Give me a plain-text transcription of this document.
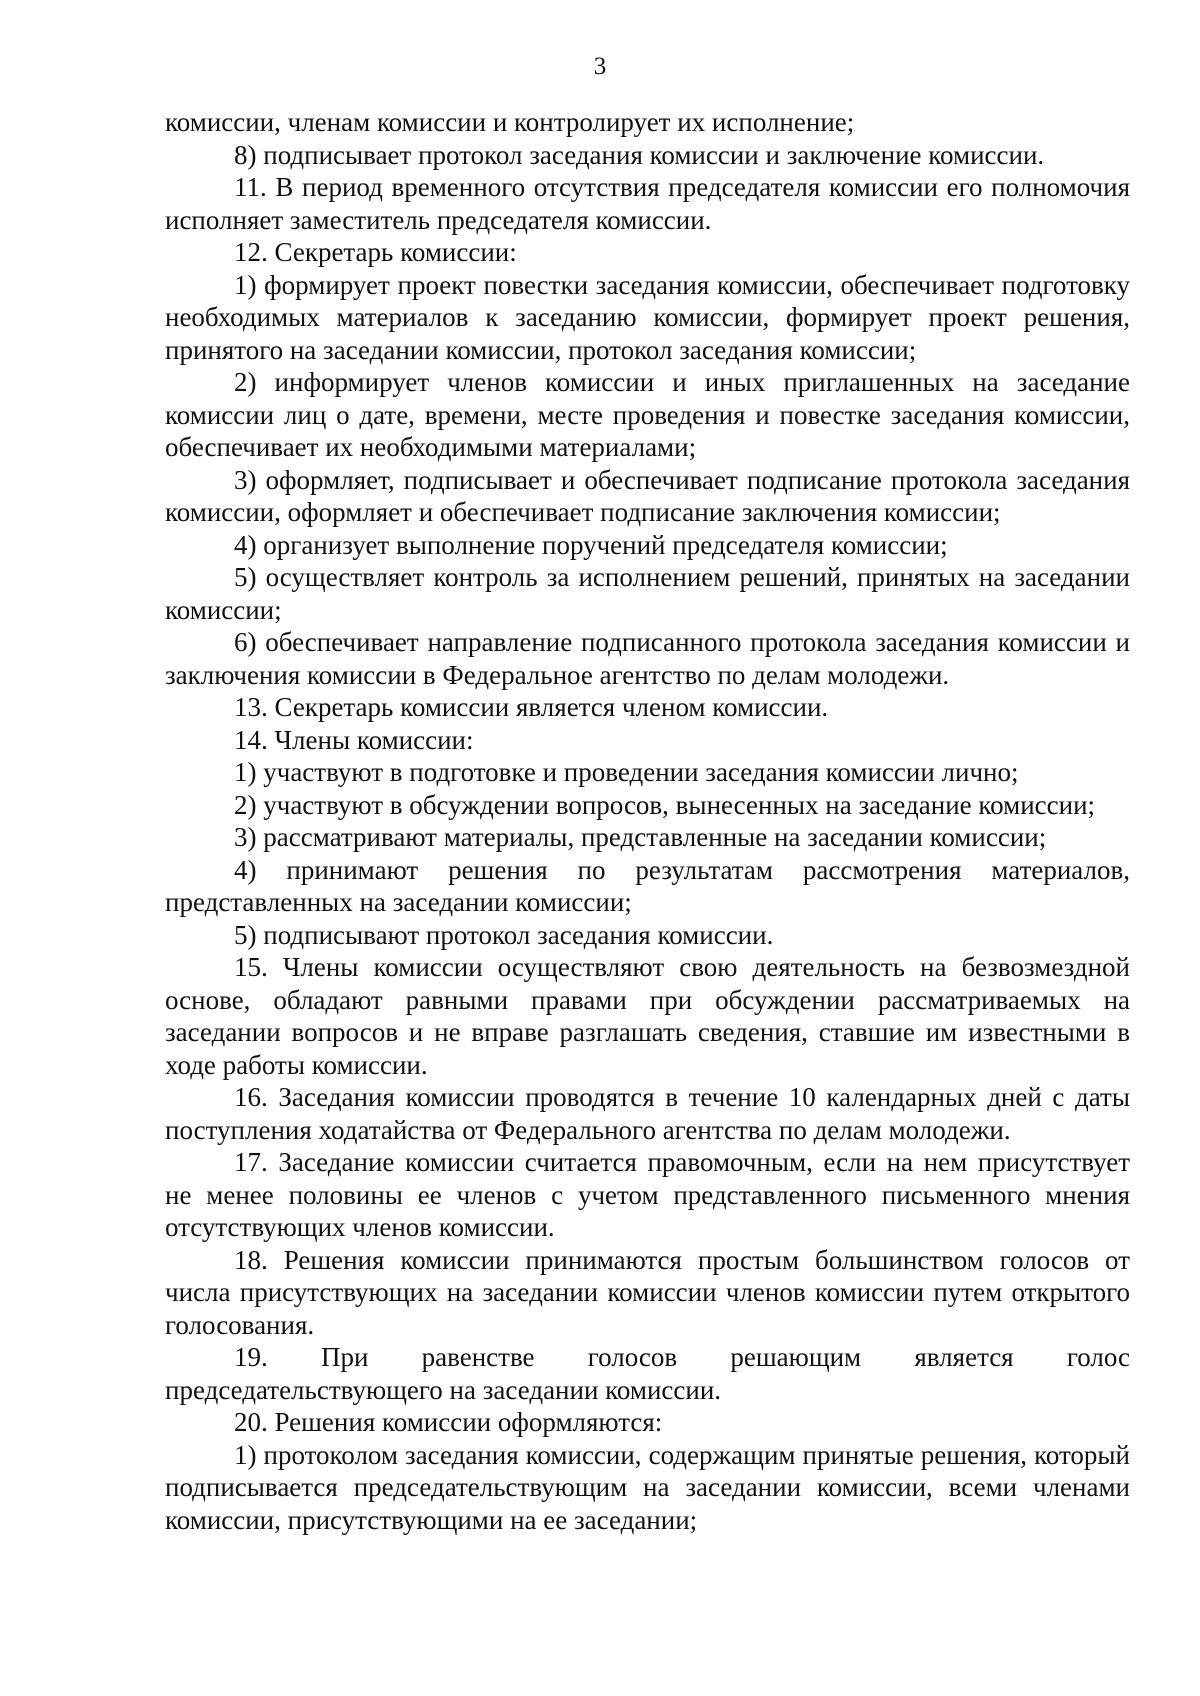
3

комиссии, членам комиссии и контролирует их исполнение;

8) подписывает протокол заседания комиссии и заключение комиссии.

11. В период временного отсутствия председателя комиссии его полномочия исполняет заместитель председателя комиссии.

12. Секретарь комиссии:

1) формирует проект повестки заседания комиссии, обеспечивает подготовку необходимых материалов к заседанию комиссии, формирует проект решения, принятого на заседании комиссии, протокол заседания комиссии;

2) информирует членов комиссии и иных приглашенных на заседание комиссии лиц о дате, времени, месте проведения и повестке заседания комиссии, обеспечивает их необходимыми материалами;

3) оформляет, подписывает и обеспечивает подписание протокола заседания комиссии, оформляет и обеспечивает подписание заключения комиссии;

4) организует выполнение поручений председателя комиссии;

5) осуществляет контроль за исполнением решений, принятых на заседании комиссии;

6) обеспечивает направление подписанного протокола заседания комиссии и заключения комиссии в Федеральное агентство по делам молодежи.

13. Секретарь комиссии является членом комиссии.

14. Члены комиссии:

1) участвуют в подготовке и проведении заседания комиссии лично;

2) участвуют в обсуждении вопросов, вынесенных на заседание комиссии;

3) рассматривают материалы, представленные на заседании комиссии;

4) принимают решения по результатам рассмотрения материалов, представленных на заседании комиссии;

5) подписывают протокол заседания комиссии.

15. Члены комиссии осуществляют свою деятельность на безвозмездной основе, обладают равными правами при обсуждении рассматриваемых на заседании вопросов и не вправе разглашать сведения, ставшие им известными в ходе работы комиссии.

16. Заседания комиссии проводятся в течение 10 календарных дней с даты поступления ходатайства от Федерального агентства по делам молодежи.

17. Заседание комиссии считается правомочным, если на нем присутствует не менее половины ее членов с учетом представленного письменного мнения отсутствующих членов комиссии.

18. Решения комиссии принимаются простым большинством голосов от числа присутствующих на заседании комиссии членов комиссии путем открытого голосования.

19. При равенстве голосов решающим является голос председательствующего на заседании комиссии.

20. Решения комиссии оформляются:

1) протоколом заседания комиссии, содержащим принятые решения, который подписывается председательствующим на заседании комиссии, всеми членами комиссии, присутствующими на ее заседании;
